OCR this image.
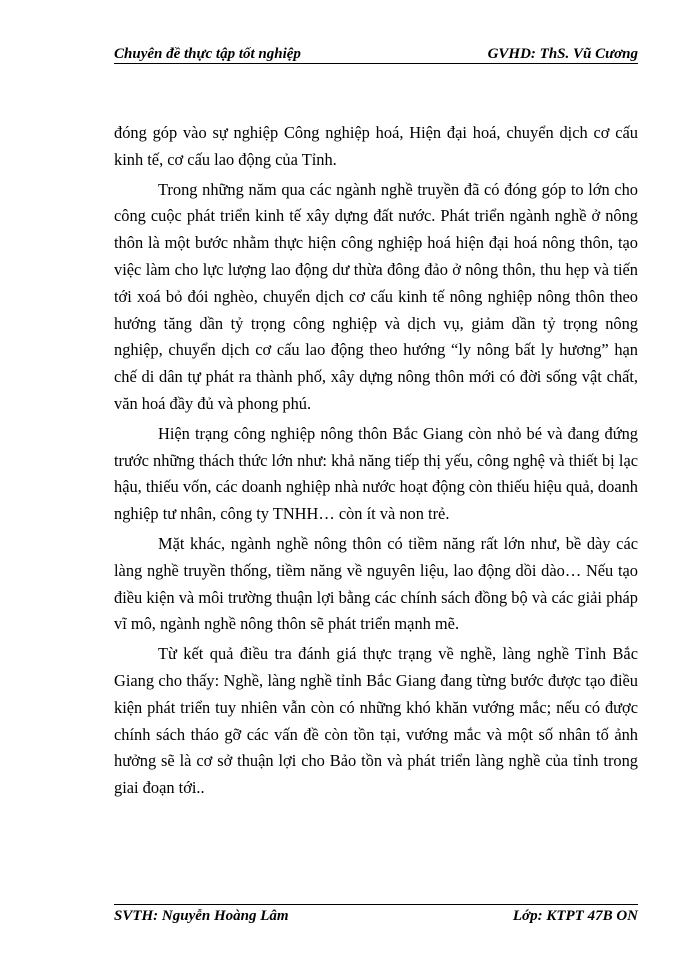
Chuyên đề thực tập tốt nghiệp	GVHD: ThS. Vũ Cương

đóng góp vào sự nghiệp Công nghiệp hoá, Hiện đại hoá, chuyển dịch cơ cấu kinh tế, cơ cấu lao động của Tỉnh.

Trong những năm qua các ngành nghề truyền đã có đóng góp to lớn cho công cuộc phát triển kinh tế xây dựng đất nước. Phát triển ngành nghề ở nông thôn là một bước nhằm thực hiện công nghiệp hoá hiện đại hoá nông thôn, tạo việc làm cho lực lượng lao động dư thừa đông đảo ở nông thôn, thu hẹp và tiến tới xoá bỏ đói nghèo, chuyển dịch cơ cấu kinh tế nông nghiệp nông thôn theo hướng tăng dần tỷ trọng công nghiệp và dịch vụ, giảm dần tỷ trọng nông nghiệp, chuyển dịch cơ cấu lao động theo hướng “ly nông bất ly hương” hạn chế di dân tự phát ra thành phố, xây dựng nông thôn mới có đời sống vật chất, văn hoá đầy đủ và phong phú.

Hiện trạng công nghiệp nông thôn Bắc Giang còn nhỏ bé và đang đứng trước những thách thức lớn như: khả năng tiếp thị yếu, công nghệ và thiết bị lạc hậu, thiếu vốn, các doanh nghiệp nhà nước hoạt động còn thiếu hiệu quả, doanh nghiệp tư nhân, công ty TNHH… còn ít và non trẻ.

Mặt khác, ngành nghề nông thôn có tiềm năng rất lớn như, bề dày các làng nghề truyền thống, tiềm năng về nguyên liệu, lao động dồi dào… Nếu tạo điều kiện và môi trường thuận lợi bằng các chính sách đồng bộ và các giải pháp vĩ mô, ngành nghề nông thôn sẽ phát triển mạnh mẽ.

Từ kết quả điều tra đánh giá thực trạng về nghề, làng nghề Tỉnh Bắc Giang cho thấy: Nghề, làng nghề tỉnh Bắc Giang đang từng bước được tạo điều kiện phát triển tuy nhiên vẫn còn có những khó khăn vướng mắc; nếu có được chính sách tháo gỡ các vấn đề còn tồn tại, vướng mắc và một số nhân tố ảnh hưởng sẽ là cơ sở thuận lợi cho Bảo tồn và phát triển làng nghề của tỉnh trong giai đoạn tới..

SVTH: Nguyễn Hoàng Lâm	Lớp: KTPT 47B ON
